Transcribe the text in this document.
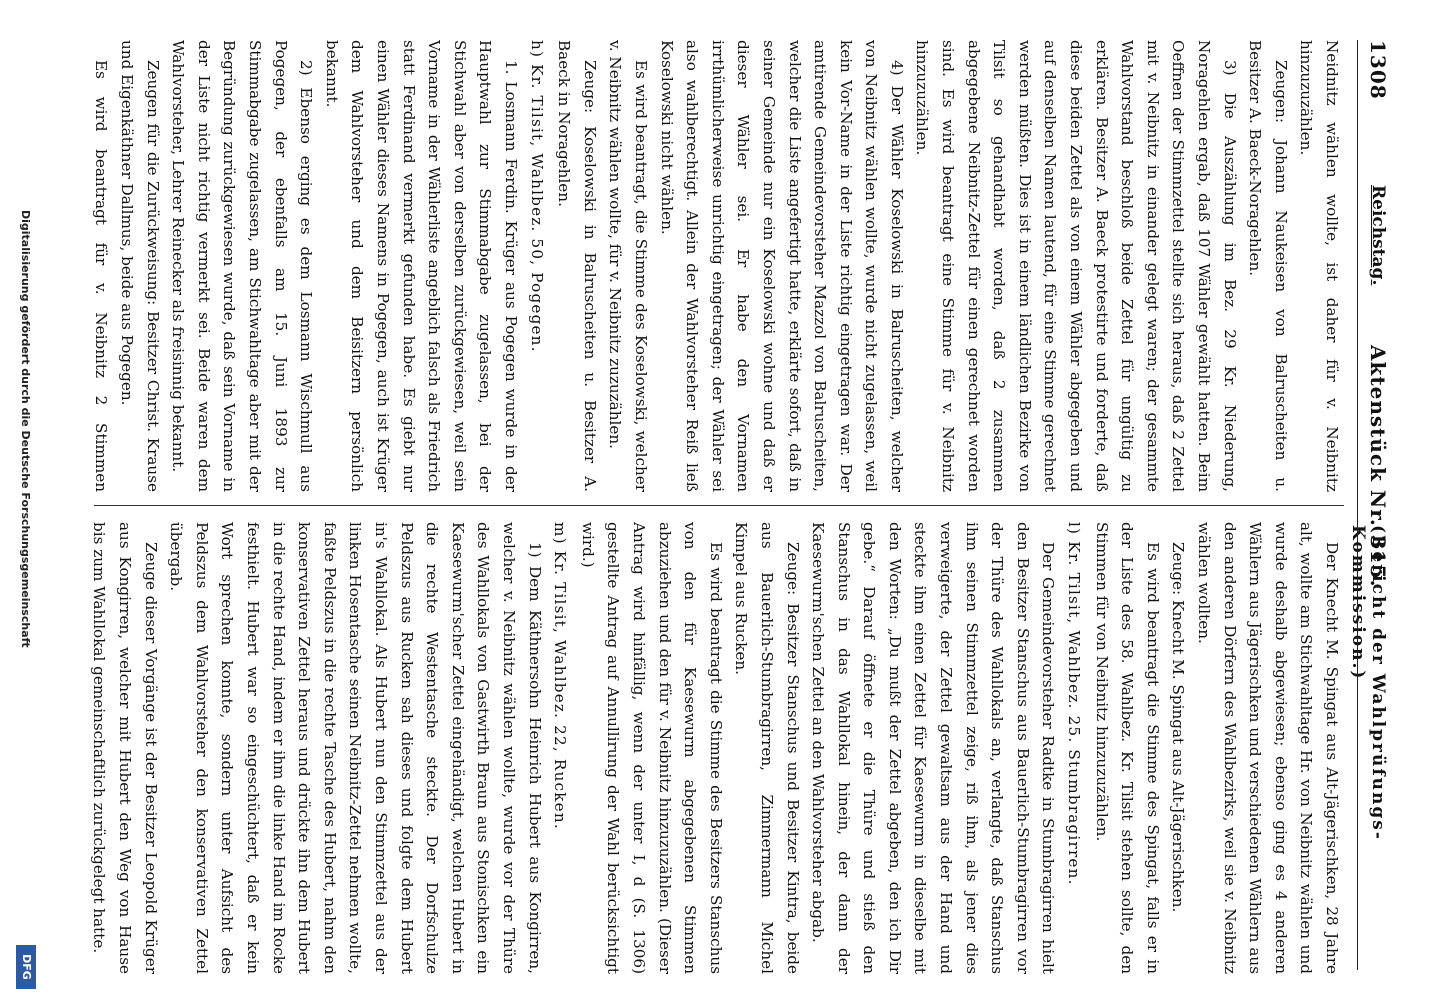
1308
Reichstag.
Aktenstück Nr. 315.
(Bericht der Wahlprüfungs-Kommission.)

Neidnitz wählen wollte, ist daher für v. Neibnitz hinzuzuzählen.

Zeugen: Johann Naukeisen von Balruscheiten u. Besitzer A. Baeck-Noragehlen.

3) Die Auszählung im Bez. 29 Kr. Niederung, Noragehlen ergab, daß 107 Wähler gewählt hatten. Beim Oeffnen der Stimmzettel stellte sich heraus, daß 2 Zettel mit v. Neibnitz in einander gelegt waren; der gesammte Wahlvorstand beschloß beide Zettel für ungültig zu erklären. Besitzer A. Baeck protestirte und forderte, daß diese beiden Zettel als von einem Wähler abgegeben und auf denselben Namen lautend, für eine Stimme gerechnet werden müßten. Dies ist in einem ländlichen Bezirke von Tilsit so gehandhabt worden, daß 2 zusammen abgegebene Neibnitz-Zettel für einen gerechnet worden sind. Es wird beantragt eine Stimme für v. Neibnitz hinzuzuzählen.

4) Der Wähler Koselowski in Balruscheiten, welcher von Neibnitz wählen wollte, wurde nicht zugelassen, weil kein Vor-Name in der Liste richtig eingetragen war. Der amtirende Gemeindevorsteher Mazzol von Balruscheiten, welcher die Liste angefertigt hatte, erklärte sofort, daß in seiner Gemeinde nur ein Koselowski wohne und daß er dieser Wähler sei. Er habe den Vornamen irrthümlicherweise unrichtig eingetragen; der Wähler sei also wahlberechtigt. Allein der Wahlvorsteher Reiß ließ Koselowski nicht wählen.

Es wird beantragt, die Stimme des Koselowski, welcher v. Neibnitz wählen wollte, für v. Neibnitz zuzuzählen.

Zeuge: Koselowski in Balruscheiten u. Besitzer A. Baeck in Noragehlen.

h) Kr. Tilsit, Wahlbez. 50, Pogegen.

1. Losmann Ferdin. Krüger aus Pogegen wurde in der Hauptwahl zur Stimmabgabe zugelassen, bei der Stichwahl aber von derselben zurückgewiesen, weil sein Vorname in der Wählerliste angeblich falsch als Friedrich statt Ferdinand vermerkt gefunden habe. Es giebt nur einen Wähler dieses Namens in Pogegen, auch ist Krüger dem Wahlvorsteher und dem Beisitzern persönlich bekannt.

2) Ebenso erging es dem Losmann Wischmull aus Pogegen, der ebenfalls am 15. Juni 1893 zur Stimmabgabe zugelassen, am Stichwahltage aber mit der Begründung zurückgewiesen wurde, daß sein Vorname in der Liste nicht richtig vermerkt sei. Beide waren dem Wahlvorsteher, Lehrer Reinecker als freisinnig bekannt.

Zeugen für die Zurückweisung: Besitzer Christ. Krause und Eigenkäthner Dallmus, beide aus Pogegen.

Es wird beantragt für v. Neibnitz 2 Stimmen

Der Knecht M. Spingat aus Alt-Jägerischken, 28 Jahre alt, wollte am Stichwahltage Hr. von Neibnitz wählen und wurde deshalb abgewiesen; ebenso ging es 4 anderen Wählern aus Jägerischken und verschiedenen Wählern aus den anderen Dörfern des Wahlbezirks, weil sie v. Neibnitz wählen wollten.

Zeuge: Knecht M. Spingat aus Alt-Jägerischken.

Es wird beantragt die Stimme des Spingat, falls er in der Liste des 58. Wahlbez. Kr. Tilsit stehen sollte, den Stimmen für von Neibnitz hinzuzuzählen.

l) Kr. Tilsit, Wahlbez. 25. Stumbragirren.

Der Gemeindevorsteher Radtke in Stumbragirren hielt den Besitzer Stanschus aus Bauerlich-Stumbragirren vor der Thüre des Wahllokals an, verlangte, daß Stanschus ihm seinen Stimmzettel zeige, riß ihm, als jener dies verweigerte, der Zettel gewaltsam aus der Hand und steckte ihm einen Zettel für Kaesewurm in dieselbe mit den Worten: „Du mußt der Zettel abgeben, den ich Dir gebe.“ Darauf öffnete er die Thüre und stieß den Stanschus in das Wahllokal hinein, der dann der Kaesewurm'schen Zettel an den Wahlvorsteher abgab.

Zeuge: Besitzer Stanschus und Besitzer Kintra, beide aus Bauerlich-Stumbragirren, Zimmermann Michel Kimpel aus Rucken.

Es wird beantragt die Stimme des Besitzers Stanschus von den für Kaesewurm abgegebenen Stimmen abzuziehen und den für v. Neibnitz hinzuzuzählen. (Dieser Antrag wird hinfällig, wenn der unter I, d (S. 1306) gestellte Antrag auf Annullirung der Wahl berücksichtigt wird.)

m) Kr. Tilsit, Wahlbez. 22, Rucken.

1) Dem Käthnersohn Heinrich Hubert aus Kongirren, welcher v. Neibnitz wählen wollte, wurde vor der Thüre des Wahllokals von Gastwirth Braun aus Stonischken ein Kaesewurm'scher Zettel eingehändigt, welchen Hubert in die rechte Westentasche steckte. Der Dorfschulze Peldszus aus Rucken sah dieses und folgte dem Hubert in's Wahllokal. Als Hubert nun den Stimmzettel aus der linken Hosentasche seinen Neibnitz-Zettel nehmen wollte, faßte Peldszus in die rechte Tasche des Hubert, nahm den konservativen Zettel heraus und drückte ihn dem Hubert in die rechte Hand, indem er ihm die linke Hand im Rocke festhielt. Hubert war so eingeschüchtert, daß er kein Wort sprechen konnte, sondern unter Aufsicht des Peldszus dem Wahlvorsteher den konservativen Zettel übergab.

Zeuge dieser Vorgänge ist der Besitzer Leopold Krüger aus Kongirren, welcher mit Hubert den Weg von Hause bis zum Wahllokal gemeinschaftlich zurückgelegt hatte.

Digitalisierung gefördert durch die Deutsche Forschungsgemeinschaft
DFG
